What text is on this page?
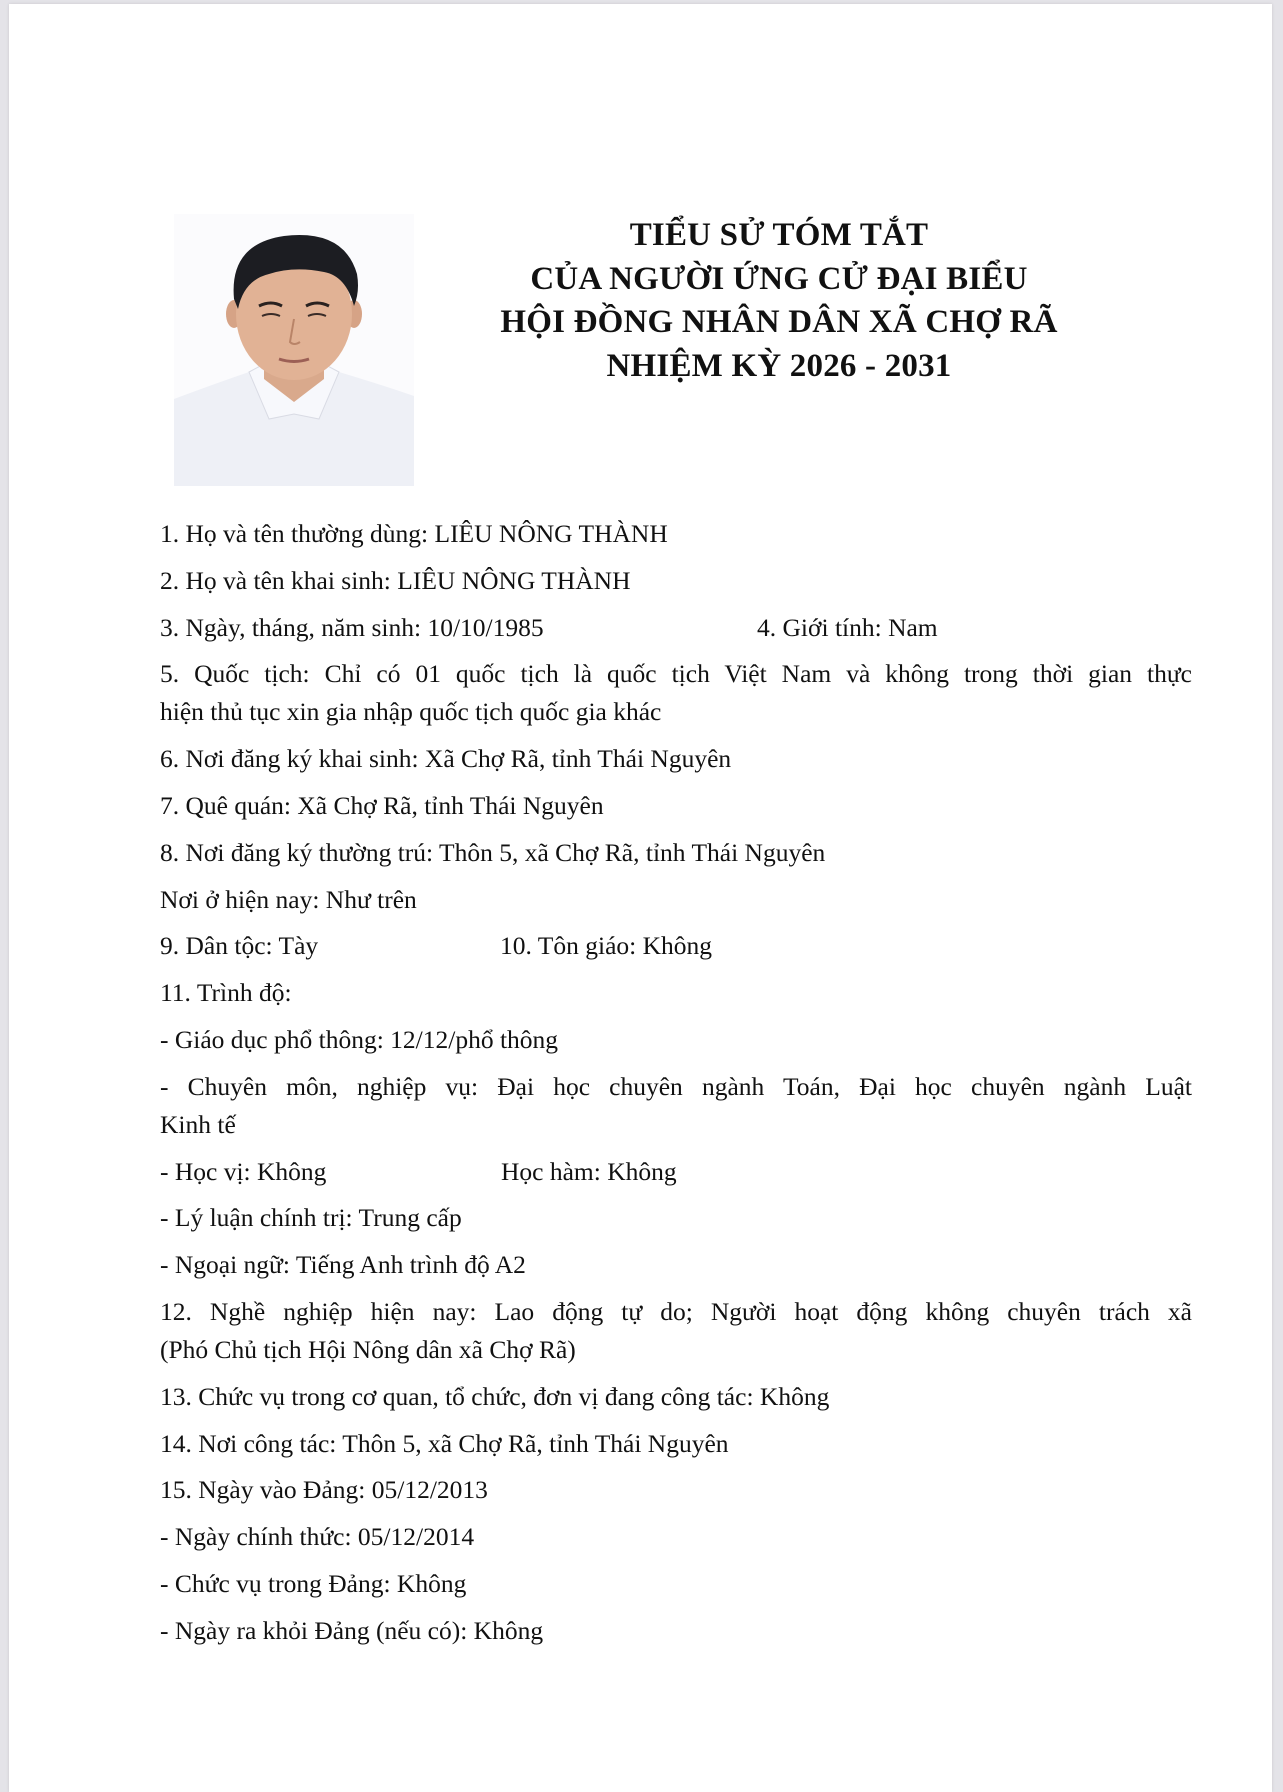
TIỂU SỬ TÓM TẮT
CỦA NGƯỜI ỨNG CỬ ĐẠI BIỂU
HỘI ĐỒNG NHÂN DÂN XÃ CHỢ RÃ
NHIỆM KỲ 2026 - 2031
1. Họ và tên thường dùng: LIÊU NÔNG THÀNH
2. Họ và tên khai sinh: LIÊU NÔNG THÀNH
3. Ngày, tháng, năm sinh: 10/10/1985	4. Giới tính: Nam
5. Quốc tịch: Chỉ có 01 quốc tịch là quốc tịch Việt Nam và không trong thời gian thực
hiện thủ tục xin gia nhập quốc tịch quốc gia khác
6. Nơi đăng ký khai sinh: Xã Chợ Rã, tỉnh Thái Nguyên
7. Quê quán: Xã Chợ Rã, tỉnh Thái Nguyên
8. Nơi đăng ký thường trú: Thôn 5, xã Chợ Rã, tỉnh Thái Nguyên
Nơi ở hiện nay: Như trên
9. Dân tộc: Tày	10. Tôn giáo: Không
11. Trình độ:
- Giáo dục phổ thông: 12/12/phổ thông
- Chuyên môn, nghiệp vụ: Đại học chuyên ngành Toán, Đại học chuyên ngành Luật
Kinh tế
- Học vị: Không	Học hàm: Không
- Lý luận chính trị: Trung cấp
- Ngoại ngữ: Tiếng Anh trình độ A2
12. Nghề nghiệp hiện nay: Lao động tự do; Người hoạt động không chuyên trách xã
(Phó Chủ tịch Hội Nông dân xã Chợ Rã)
13. Chức vụ trong cơ quan, tổ chức, đơn vị đang công tác: Không
14. Nơi công tác: Thôn 5, xã Chợ Rã, tỉnh Thái Nguyên
15. Ngày vào Đảng: 05/12/2013
- Ngày chính thức: 05/12/2014
- Chức vụ trong Đảng: Không
- Ngày ra khỏi Đảng (nếu có): Không
